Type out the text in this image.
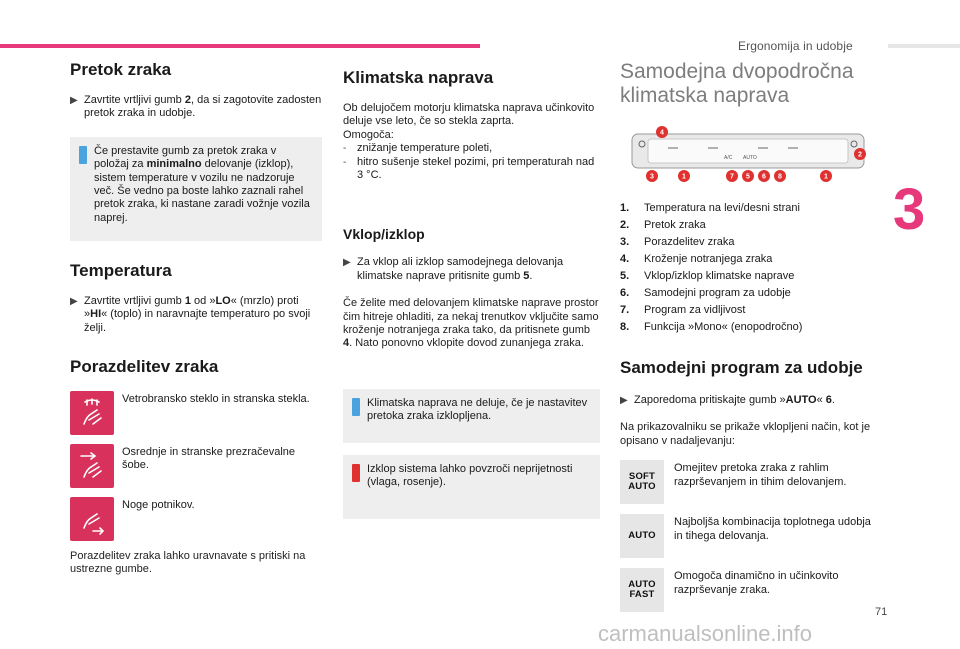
Ergonomija in udobje
3
Pretok zraka
▶ Zavrtite vrtljivi gumb 2, da si zagotovite zadosten pretok zraka in udobje.
Če prestavite gumb za pretok zraka v položaj za minimalno delovanje (izklop), sistem temperature v vozilu ne nadzoruje več. Še vedno pa boste lahko zaznali rahel pretok zraka, ki nastane zaradi vožnje vozila naprej.
Temperatura
▶ Zavrtite vrtljivi gumb 1 od »LO« (mrzlo) proti »HI« (toplo) in naravnajte temperaturo po svoji želji.
Porazdelitev zraka
Vetrobransko steklo in stranska stekla.
Osrednje in stranske prezračevalne šobe.
Noge potnikov.

Porazdelitev zraka lahko uravnavate s pritiski na ustrezne gumbe.

Klimatska naprava

Ob delujočem motorju klimatska naprava učinkovito deluje vse leto, če so stekla zaprta.

Omogoča:

- znižanje temperature poleti,
- hitro sušenje stekel pozimi, pri temperaturah nad 3 °C.
Vklop/izklop
▶ Za vklop ali izklop samodejnega delovanja klimatske naprave pritisnite gumb 5.

Če želite med delovanjem klimatske naprave prostor čim hitreje ohladiti, za nekaj trenutkov vključite samo kroženje notranjega zraka tako, da pritisnete gumb 4. Nato ponovno vklopite dovod zunanjega zraka.

Klimatska naprava ne deluje, če je nastavitev pretoka zraka izklopljena.
Izklop sistema lahko povzroči neprijetnosti (vlaga, rosenje).
Samodejna dvopodročna
klimatska naprava
A/C AUTO
4
2
3	1	7 5 6 8	1
1.	Temperatura na levi/desni strani
2.	Pretok zraka
3.	Porazdelitev zraka
4.	Kroženje notranjega zraka
5.	Vklop/izklop klimatske naprave
6.	Samodejni program za udobje
7.	Program za vidljivost
8.	Funkcija »Mono« (enopodročno)
Samodejni program za udobje
▶ Zaporedoma pritiskajte gumb »AUTO« 6.

Na prikazovalniku se prikaže vklopljeni način, kot je opisano v nadaljevanju:

SOFT
AUTO
Omejitev pretoka zraka z rahlim razprševanjem in tihim delovanjem.
AUTO
Najboljša kombinacija toplotnega udobja in tihega delovanja.
AUTO
FAST
Omogoča dinamično in učinkovito razprševanje zraka.
71
carmanualsonline.info
